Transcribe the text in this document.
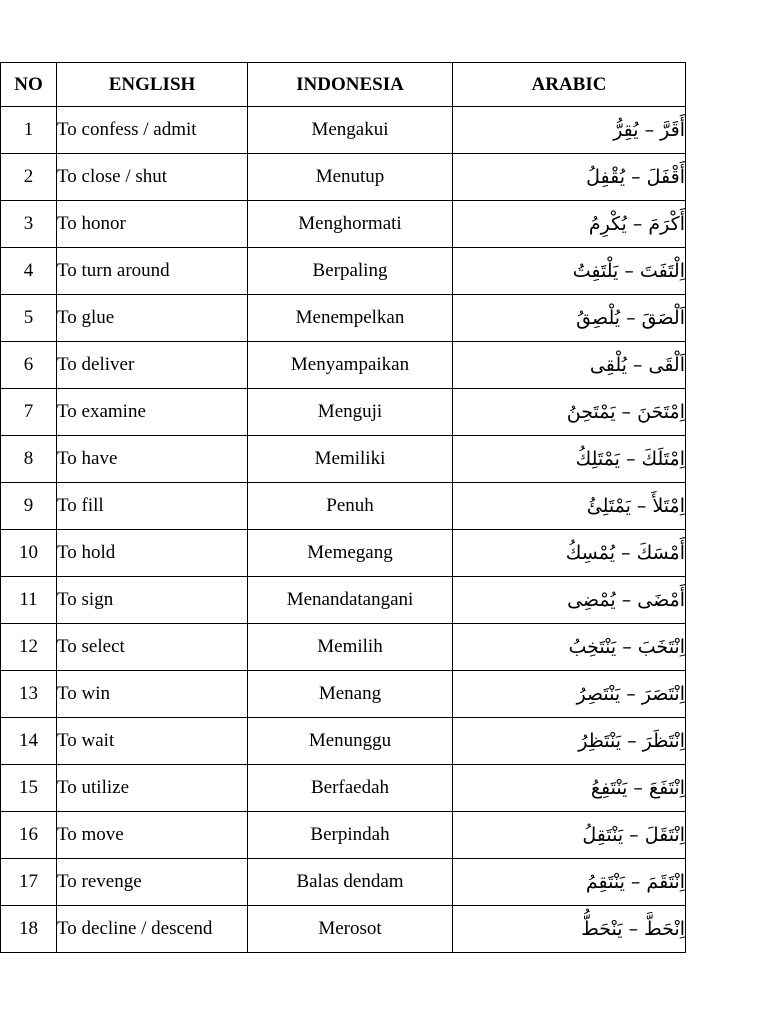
NO	ENGLISH	INDONESIA	ARABIC
1	To confess / admit	Mengakui	أَقَرَّ – يُقِرُّ
2	To close / shut	Menutup	أَقْفَلَ – يُقْفِلُ
3	To honor	Menghormati	أَكْرَمَ – يُكْرِمُ
4	To turn around	Berpaling	اِلْتَفَتَ – يَلْتَفِتُ
5	To glue	Menempelkan	اَلْصَقَ – يُلْصِقُ
6	To deliver	Menyampaikan	اَلْقَى – يُلْقِى
7	To examine	Menguji	اِمْتَحَنَ – يَمْتَحِنُ
8	To have	Memiliki	اِمْتَلَكَ – يَمْتَلِكُ
9	To fill	Penuh	اِمْتَلأَ – يَمْتَلِئُ
10	To hold	Memegang	أَمْسَكَ – يُمْسِكُ
11	To sign	Menandatangani	أَمْضَى – يُمْضِى
12	To select	Memilih	اِنْتَخَبَ – يَنْتَخِبُ
13	To win	Menang	اِنْتَصَرَ – يَنْتَصِرُ
14	To wait	Menunggu	اِنْتَظَرَ – يَنْتَظِرُ
15	To utilize	Berfaedah	اِنْتَفَعَ – يَنْتَفِعُ
16	To move	Berpindah	اِنْتَقَلَ – يَنْتَقِلُ
17	To revenge	Balas dendam	اِنْتَقَمَ – يَنْتَقِمُ
18	To decline / descend	Merosot	اِنْحَطَّ – يَنْحَطُّ
